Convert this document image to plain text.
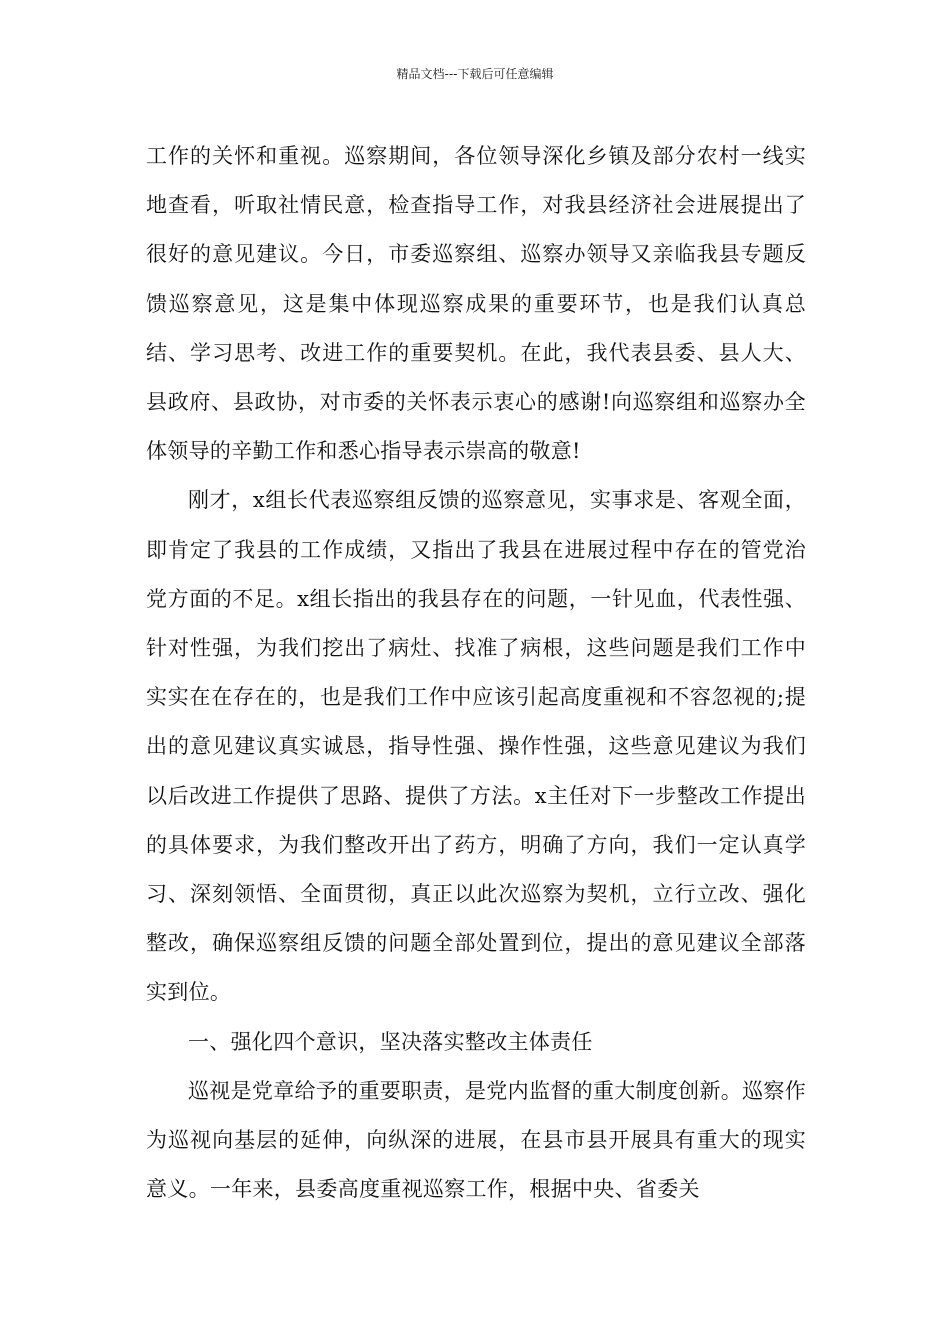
精品文档---下载后可任意编辑

工作的关怀和重视。巡察期间，各位领导深化乡镇及部分农村一线实地查看，听取社情民意，检查指导工作，对我县经济社会进展提出了很好的意见建议。今日，市委巡察组、巡察办领导又亲临我县专题反馈巡察意见，这是集中体现巡察成果的重要环节，也是我们认真总结、学习思考、改进工作的重要契机。在此，我代表县委、县人大、县政府、县政协，对市委的关怀表示衷心的感谢!向巡察组和巡察办全体领导的辛勤工作和悉心指导表示崇高的敬意!

刚才，x组长代表巡察组反馈的巡察意见，实事求是、客观全面，即肯定了我县的工作成绩，又指出了我县在进展过程中存在的管党治党方面的不足。x组长指出的我县存在的问题，一针见血，代表性强、针对性强，为我们挖出了病灶、找准了病根，这些问题是我们工作中实实在在存在的，也是我们工作中应该引起高度重视和不容忽视的;提出的意见建议真实诚恳，指导性强、操作性强，这些意见建议为我们以后改进工作提供了思路、提供了方法。x主任对下一步整改工作提出的具体要求，为我们整改开出了药方，明确了方向，我们一定认真学习、深刻领悟、全面贯彻，真正以此次巡察为契机，立行立改、强化整改，确保巡察组反馈的问题全部处置到位，提出的意见建议全部落实到位。

一、强化四个意识，坚决落实整改主体责任

巡视是党章给予的重要职责，是党内监督的重大制度创新。巡察作为巡视向基层的延伸，向纵深的进展，在县市县开展具有重大的现实意义。一年来，县委高度重视巡察工作，根据中央、省委关
